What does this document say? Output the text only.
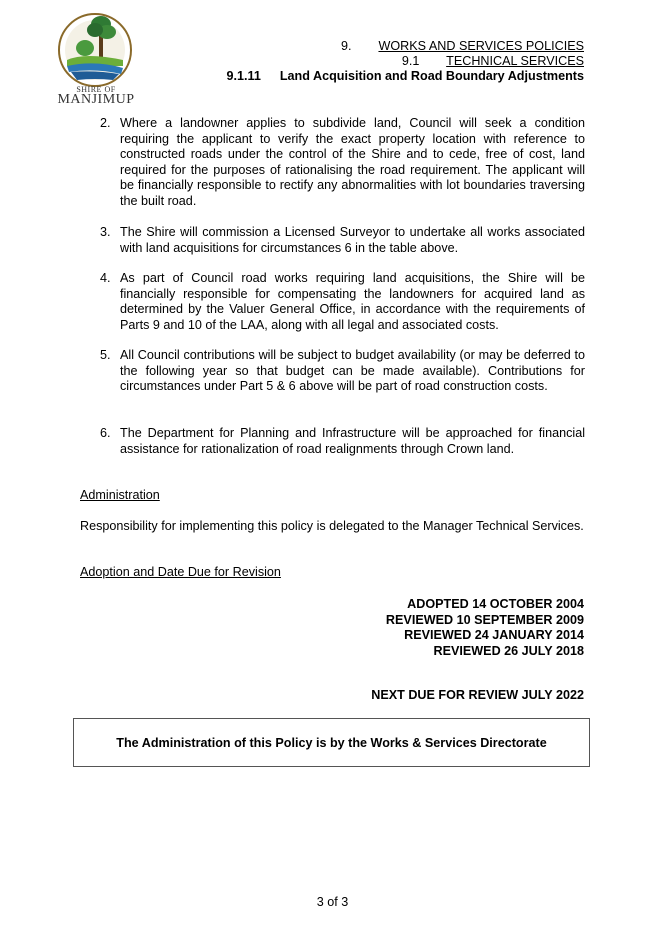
SHIRE OF
MANJIMUP
9. WORKS AND SERVICES POLICIES
9.1 TECHNICAL SERVICES
9.1.11 Land Acquisition and Road Boundary Adjustments

2. Where a landowner applies to subdivide land, Council will seek a condition requiring the applicant to verify the exact property location with reference to constructed roads under the control of the Shire and to cede, free of cost, land required for the purposes of rationalising the road requirement. The applicant will be financially responsible to rectify any abnormalities with lot boundaries traversing the built road.

3. The Shire will commission a Licensed Surveyor to undertake all works associated with land acquisitions for circumstances 6 in the table above.

4. As part of Council road works requiring land acquisitions, the Shire will be financially responsible for compensating the landowners for acquired land as determined by the Valuer General Office, in accordance with the requirements of Parts 9 and 10 of the LAA, along with all legal and associated costs.

5. All Council contributions will be subject to budget availability (or may be deferred to the following year so that budget can be made available). Contributions for circumstances under Part 5 & 6 above will be part of road construction costs.

6. The Department for Planning and Infrastructure will be approached for financial assistance for rationalization of road realignments through Crown land.

Administration

Responsibility for implementing this policy is delegated to the Manager Technical Services.

Adoption and Date Due for Revision

ADOPTED 14 OCTOBER 2004
REVIEWED 10 SEPTEMBER 2009
REVIEWED 24 JANUARY 2014
REVIEWED 26 JULY 2018
NEXT DUE FOR REVIEW JULY 2022
The Administration of this Policy is by the Works & Services Directorate
3 of 3
